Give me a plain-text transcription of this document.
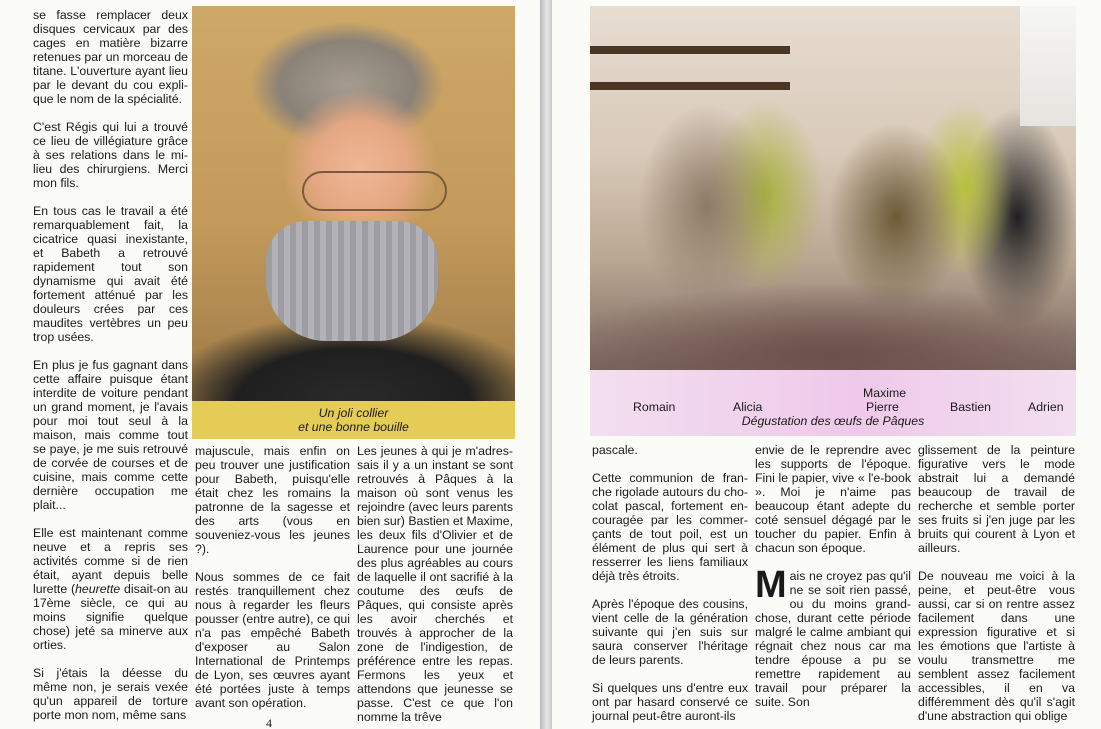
se fasse remplacer deux disques cervicaux par des cages en matière bizarre retenues par un morceau de titane. L'ouverture ayant lieu par le devant du cou explique le nom de la spécialité.

C'est Régis qui lui a trouvé ce lieu de villégiature grâce à ses relations dans le milieu des chirurgiens. Merci mon fils.

En tous cas le travail a été remarquablement fait, la cicatrice quasi inexistante, et Babeth a retrouvé rapidement tout son dynamisme qui avait été fortement atténué par les douleurs crées par ces maudites vertèbres un peu trop usées.

En plus je fus gagnant dans cette affaire puisque étant interdite de voiture pendant un grand moment, je l'avais pour moi tout seul à la maison, mais comme tout se paye, je me suis retrouvé de corvée de courses et de cuisine, mais comme cette dernière occupation me plait...

Elle est maintenant comme neuve et a repris ses activités comme si de rien était, ayant depuis belle lurette (heurette disait-on au 17ème siècle, ce qui au moins signifie quelque chose) jeté sa minerve aux orties.

Si j'étais la déesse du même non, je serais vexée qu'un appareil de torture porte mon nom, même sans

Un joli collier
et une bonne bouille

majuscule, mais enfin on peu trouver une justification pour Babeth, puisqu'elle était chez les romains la patronne de la sagesse et des arts (vous en souveniez-vous les jeunes ?).

Nous sommes de ce fait restés tranquillement chez nous à regarder les fleurs pousser (entre autre), ce qui n'a pas empêché Babeth d'exposer au Salon International de Printemps de Lyon, ses œuvres ayant été portées juste à temps avant son opération.

Les jeunes à qui je m'adressais il y a un instant se sont retrouvés à Pâques à la maison où sont venus les rejoindre (avec leurs parents bien sur) Bastien et Maxime, les deux fils d'Olivier et de Laurence pour une journée des plus agréables au cours de laquelle il ont sacrifié à la coutume des œufs de Pâques, qui consiste après les avoir cherchés et trouvés à approcher de la zone de l'indigestion, de préférence entre les repas. Fermons les yeux et attendons que jeunesse se passe. C'est ce que l'on nomme la trêve

4
Romain	Alicia
Maxime
Pierre	Bastien	Adrien
Dégustation des œufs de Pâques

pascale.

Cette communion de franche rigolade autours du chocolat pascal, fortement encouragée par les commerçants de tout poil, est un élément de plus qui sert à resserrer les liens familiaux déjà très étroits.

Après l'époque des cousins, vient celle de la génération suivante qui j'en suis sur saura conserver l'héritage de leurs parents.

Si quelques uns d'entre eux ont par hasard conservé ce journal peut-être auront-ils

envie de le reprendre avec les supports de l'époque. Fini le papier, vive « l'e-book ». Moi je n'aime pas beaucoup étant adepte du coté sensuel dégagé par le toucher du papier. Enfin à chacun son époque.

Mais ne croyez pas qu'il ne se soit rien passé, ou du moins grand-chose, durant cette période malgré le calme ambiant qui régnait chez nous car ma tendre épouse a pu se remettre rapidement au travail pour préparer la suite. Son

glissement de la peinture figurative vers le mode abstrait lui a demandé beaucoup de travail de recherche et semble porter ses fruits si j'en juge par les bruits qui courent à Lyon et ailleurs.

De nouveau me voici à la peine, et peut-être vous aussi, car si on rentre assez facilement dans une expression figurative et si les émotions que l'artiste à voulu transmettre me semblent assez facilement accessibles, il en va différemment dès qu'il s'agit d'une abstraction qui oblige
